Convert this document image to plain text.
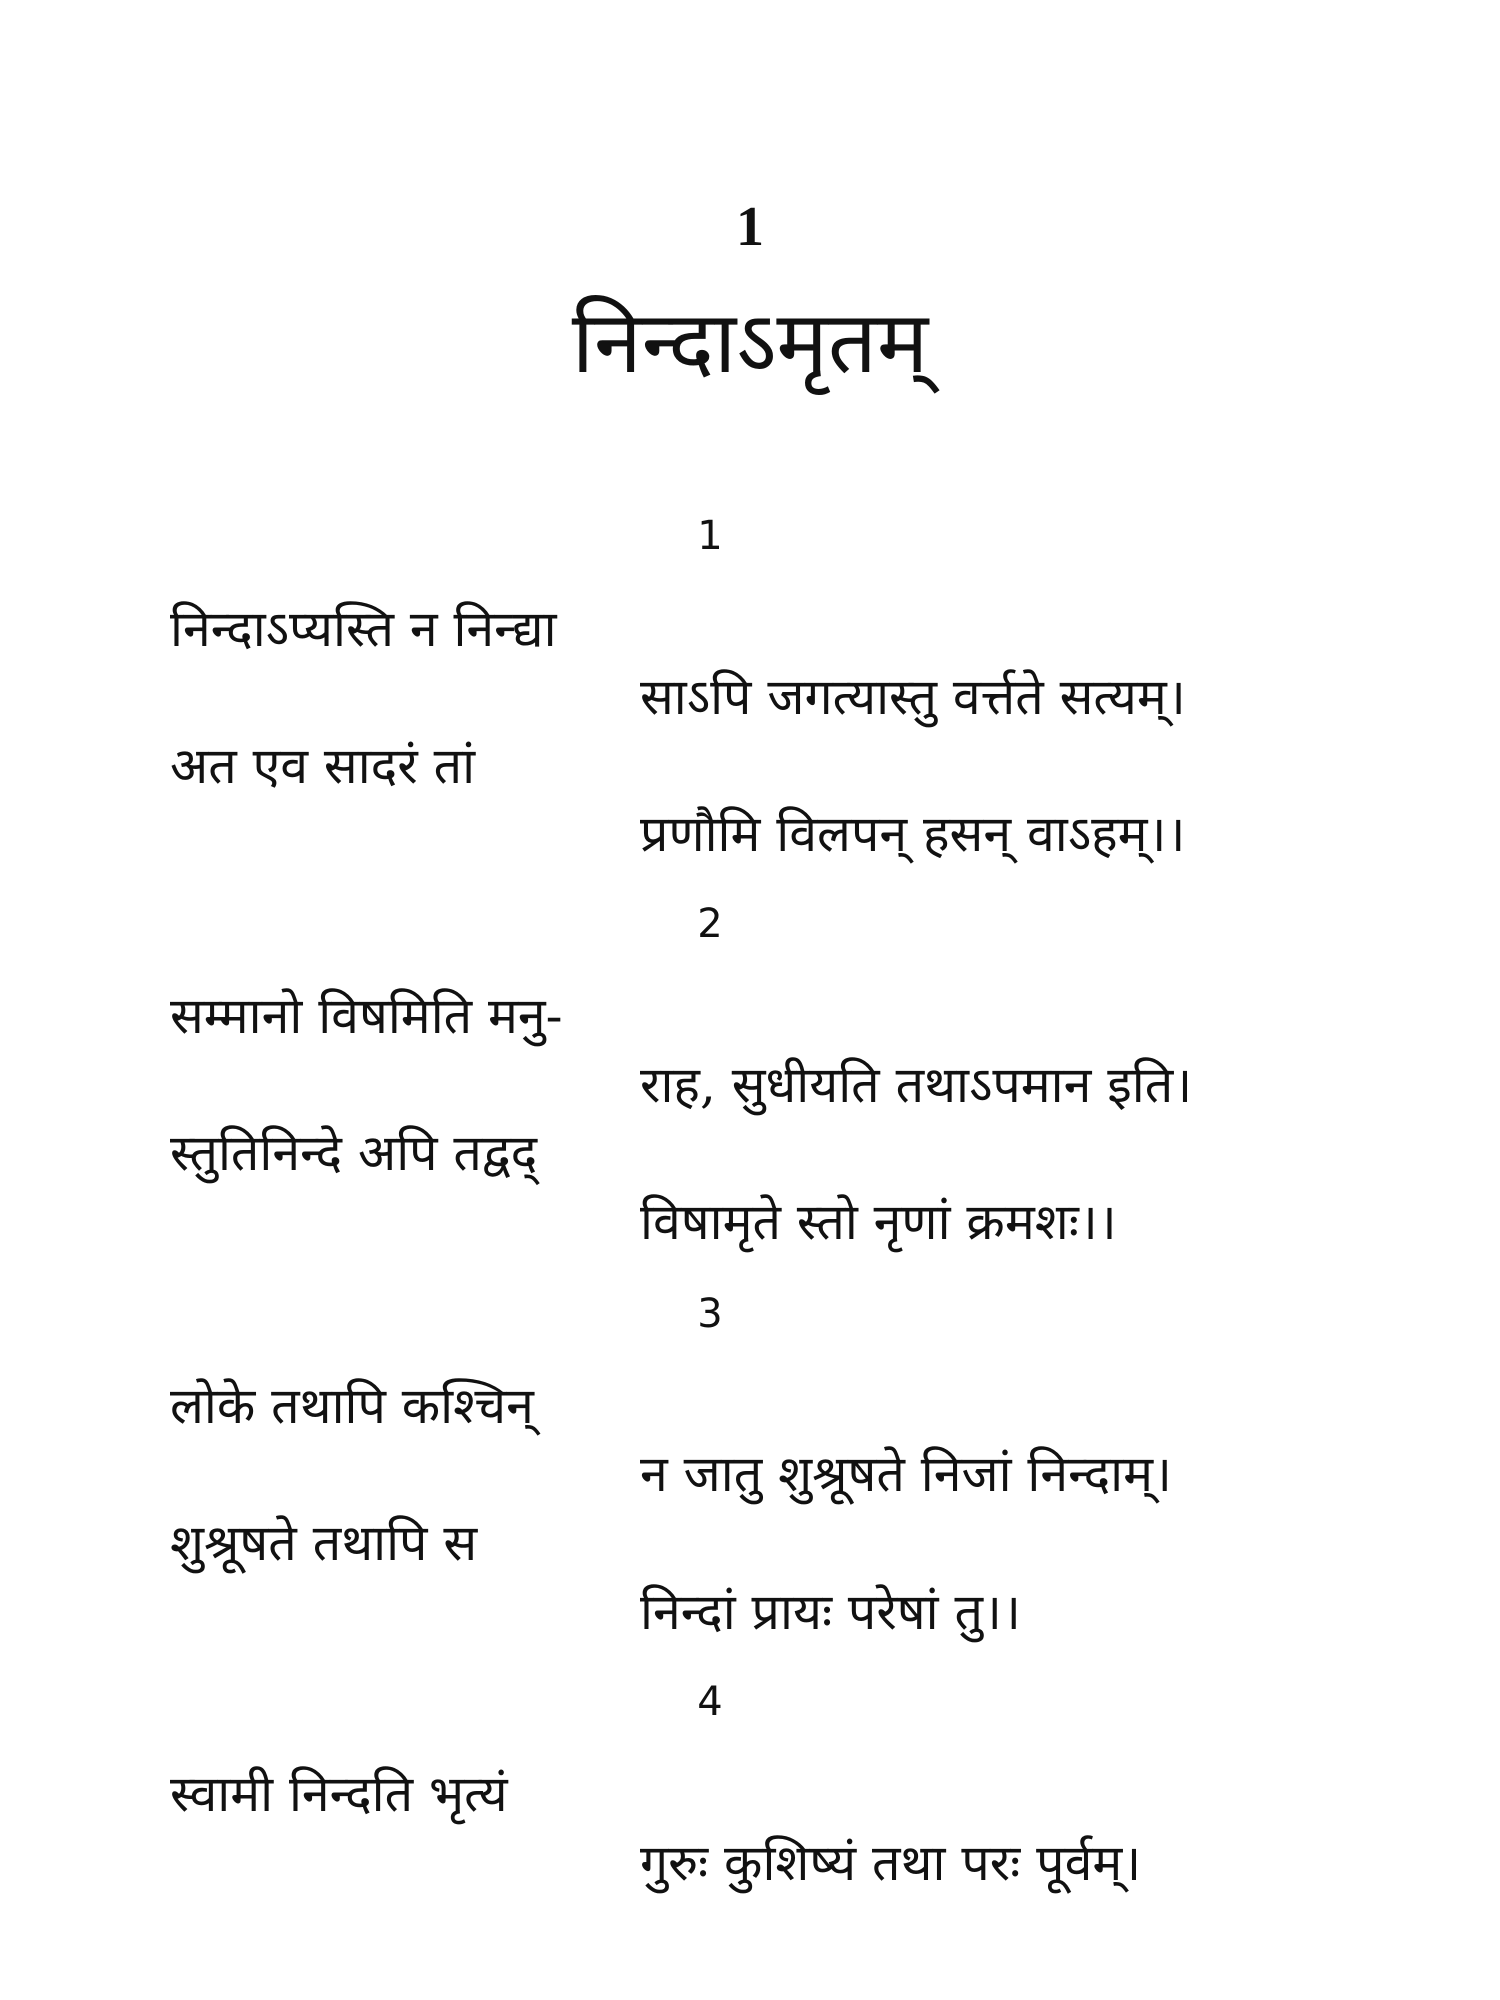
1
निन्दाऽमृतम्
1
निन्दाऽप्यस्ति न निन्द्या
साऽपि जगत्यास्तु वर्त्तते सत्यम्।
अत एव सादरं तां
प्रणौमि विलपन् हसन् वाऽहम्।।
2
सम्मानो विषमिति मनु-
राह, सुधीयति तथाऽपमान इति।
स्तुतिनिन्दे अपि तद्वद्
विषामृते स्तो नृणां क्रमशः।।
3
लोके तथापि कश्चिन्
न जातु शुश्रूषते निजां निन्दाम्।
शुश्रूषते तथापि स
निन्दां प्रायः परेषां तु।।
4
स्वामी निन्दति भृत्यं
गुरुः कुशिष्यं तथा परः पूर्वम्।
